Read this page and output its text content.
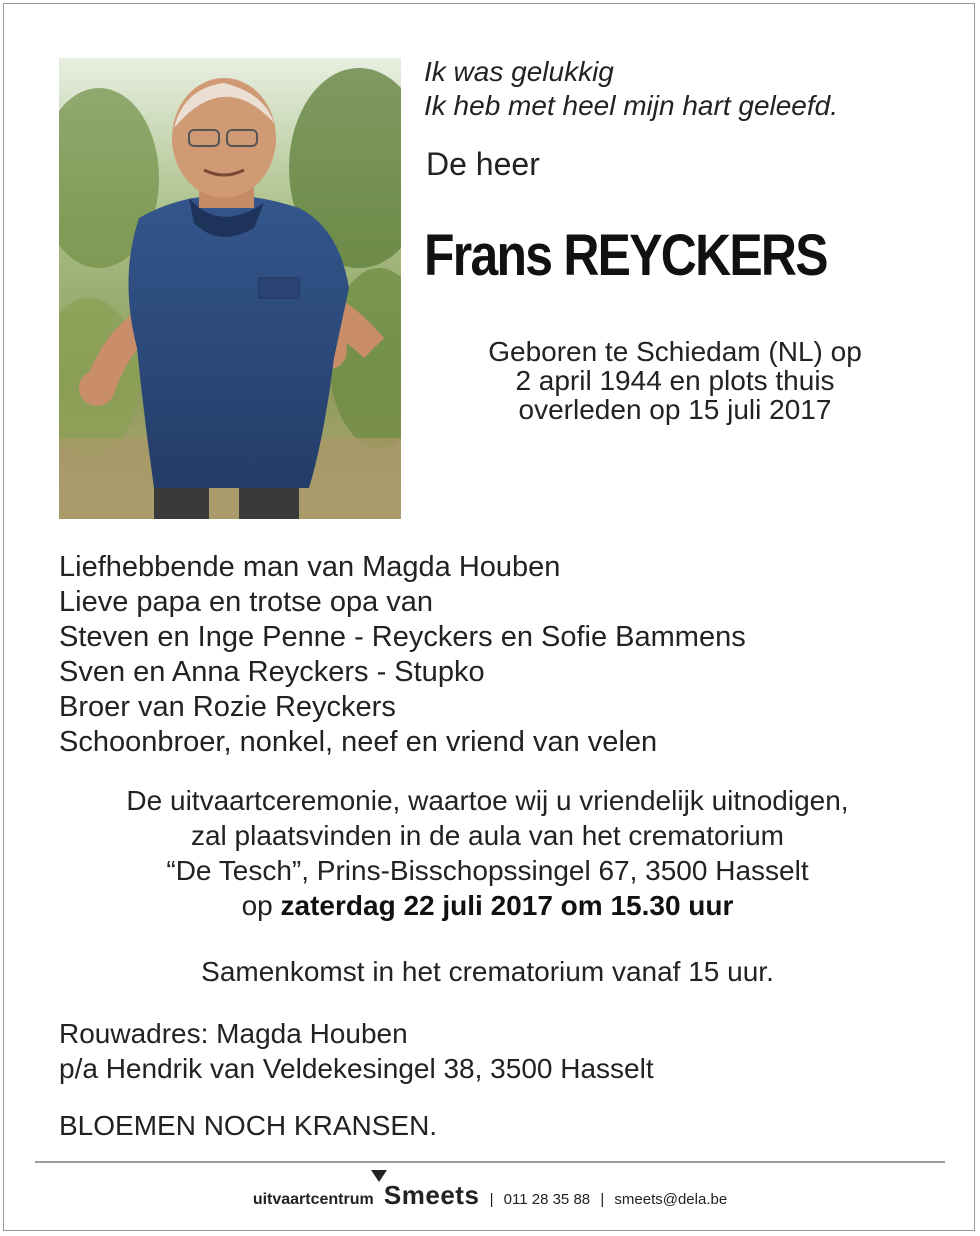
Ik was gelukkig
Ik heb met heel mijn hart geleefd.
De heer
Frans REYCKERS
Geboren te Schiedam (NL) op
2 april 1944 en plots thuis
overleden op 15 juli 2017
Liefhebbende man van Magda Houben
Lieve papa en trotse opa van
Steven en Inge Penne - Reyckers en Sofie Bammens
Sven en Anna Reyckers - Stupko
Broer van Rozie Reyckers
Schoonbroer, nonkel, neef en vriend van velen
De uitvaartceremonie, waartoe wij u vriendelijk uitnodigen,
zal plaatsvinden in de aula van het crematorium
“De Tesch”, Prins-Bisschopssingel 67, 3500 Hasselt
op zaterdag 22 juli 2017 om 15.30 uur
Samenkomst in het crematorium vanaf 15 uur.
Rouwadres: Magda Houben
p/a Hendrik van Veldekesingel 38, 3500 Hasselt
BLOEMEN NOCH KRANSEN.
uitvaartcentrum Smeets | 011 28 35 88 | smeets@dela.be
